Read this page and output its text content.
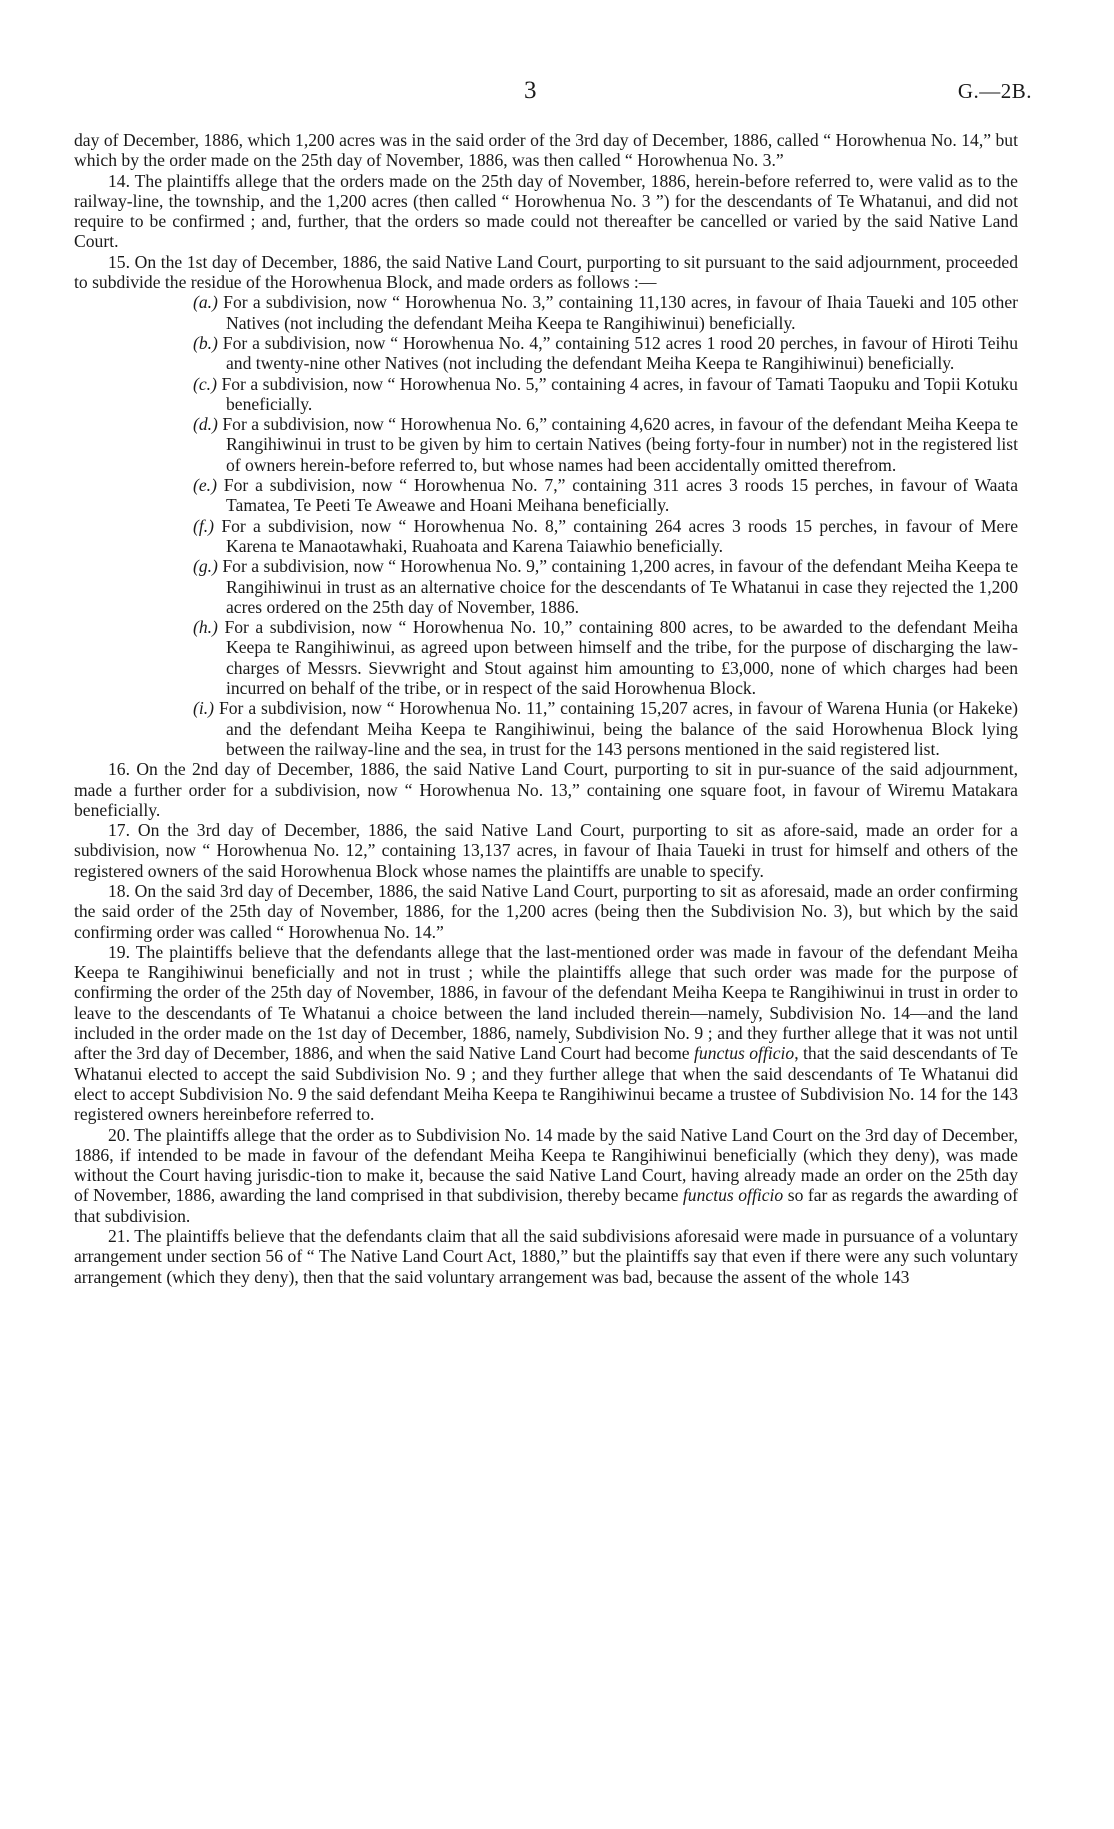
3	G.—2B.

day of December, 1886, which 1,200 acres was in the said order of the 3rd day of December, 1886, called “ Horowhenua No. 14,” but which by the order made on the 25th day of November, 1886, was then called “ Horowhenua No. 3.”

14. The plaintiffs allege that the orders made on the 25th day of November, 1886, herein-before referred to, were valid as to the railway-line, the township, and the 1,200 acres (then called “ Horowhenua No. 3 ”) for the descendants of Te Whatanui, and did not require to be confirmed ; and, further, that the orders so made could not thereafter be cancelled or varied by the said Native Land Court.

15. On the 1st day of December, 1886, the said Native Land Court, purporting to sit pursuant to the said adjournment, proceeded to subdivide the residue of the Horowhenua Block, and made orders as follows :—

(a.) For a subdivision, now “ Horowhenua No. 3,” containing 11,130 acres, in favour of Ihaia Taueki and 105 other Natives (not including the defendant Meiha Keepa te Rangihiwinui) beneficially.

(b.) For a subdivision, now “ Horowhenua No. 4,” containing 512 acres 1 rood 20 perches, in favour of Hiroti Teihu and twenty-nine other Natives (not including the defendant Meiha Keepa te Rangihiwinui) beneficially.

(c.) For a subdivision, now “ Horowhenua No. 5,” containing 4 acres, in favour of Tamati Taopuku and Topii Kotuku beneficially.

(d.) For a subdivision, now “ Horowhenua No. 6,” containing 4,620 acres, in favour of the defendant Meiha Keepa te Rangihiwinui in trust to be given by him to certain Natives (being forty-four in number) not in the registered list of owners herein-before referred to, but whose names had been accidentally omitted therefrom.

(e.) For a subdivision, now “ Horowhenua No. 7,” containing 311 acres 3 roods 15 perches, in favour of Waata Tamatea, Te Peeti Te Aweawe and Hoani Meihana beneficially.

(f.) For a subdivision, now “ Horowhenua No. 8,” containing 264 acres 3 roods 15 perches, in favour of Mere Karena te Manaotawhaki, Ruahoata and Karena Taiawhio beneficially.

(g.) For a subdivision, now “ Horowhenua No. 9,” containing 1,200 acres, in favour of the defendant Meiha Keepa te Rangihiwinui in trust as an alternative choice for the descendants of Te Whatanui in case they rejected the 1,200 acres ordered on the 25th day of November, 1886.

(h.) For a subdivision, now “ Horowhenua No. 10,” containing 800 acres, to be awarded to the defendant Meiha Keepa te Rangihiwinui, as agreed upon between himself and the tribe, for the purpose of discharging the law-charges of Messrs. Sievwright and Stout against him amounting to £3,000, none of which charges had been incurred on behalf of the tribe, or in respect of the said Horowhenua Block.

(i.) For a subdivision, now “ Horowhenua No. 11,” containing 15,207 acres, in favour of Warena Hunia (or Hakeke) and the defendant Meiha Keepa te Rangihiwinui, being the balance of the said Horowhenua Block lying between the railway-line and the sea, in trust for the 143 persons mentioned in the said registered list.

16. On the 2nd day of December, 1886, the said Native Land Court, purporting to sit in pur-suance of the said adjournment, made a further order for a subdivision, now “ Horowhenua No. 13,” containing one square foot, in favour of Wiremu Matakara beneficially.

17. On the 3rd day of December, 1886, the said Native Land Court, purporting to sit as afore-said, made an order for a subdivision, now “ Horowhenua No. 12,” containing 13,137 acres, in favour of Ihaia Taueki in trust for himself and others of the registered owners of the said Horowhenua Block whose names the plaintiffs are unable to specify.

18. On the said 3rd day of December, 1886, the said Native Land Court, purporting to sit as aforesaid, made an order confirming the said order of the 25th day of November, 1886, for the 1,200 acres (being then the Subdivision No. 3), but which by the said confirming order was called “ Horowhenua No. 14.”

19. The plaintiffs believe that the defendants allege that the last-mentioned order was made in favour of the defendant Meiha Keepa te Rangihiwinui beneficially and not in trust ; while the plaintiffs allege that such order was made for the purpose of confirming the order of the 25th day of November, 1886, in favour of the defendant Meiha Keepa te Rangihiwinui in trust in order to leave to the descendants of Te Whatanui a choice between the land included therein—namely, Subdivision No. 14—and the land included in the order made on the 1st day of December, 1886, namely, Subdivision No. 9 ; and they further allege that it was not until after the 3rd day of December, 1886, and when the said Native Land Court had become functus officio, that the said descendants of Te Whatanui elected to accept the said Subdivision No. 9 ; and they further allege that when the said descendants of Te Whatanui did elect to accept Subdivision No. 9 the said defendant Meiha Keepa te Rangihiwinui became a trustee of Subdivision No. 14 for the 143 registered owners hereinbefore referred to.

20. The plaintiffs allege that the order as to Subdivision No. 14 made by the said Native Land Court on the 3rd day of December, 1886, if intended to be made in favour of the defendant Meiha Keepa te Rangihiwinui beneficially (which they deny), was made without the Court having jurisdic-tion to make it, because the said Native Land Court, having already made an order on the 25th day of November, 1886, awarding the land comprised in that subdivision, thereby became functus officio so far as regards the awarding of that subdivision.

21. The plaintiffs believe that the defendants claim that all the said subdivisions aforesaid were made in pursuance of a voluntary arrangement under section 56 of “ The Native Land Court Act, 1880,” but the plaintiffs say that even if there were any such voluntary arrangement (which they deny), then that the said voluntary arrangement was bad, because the assent of the whole 143
